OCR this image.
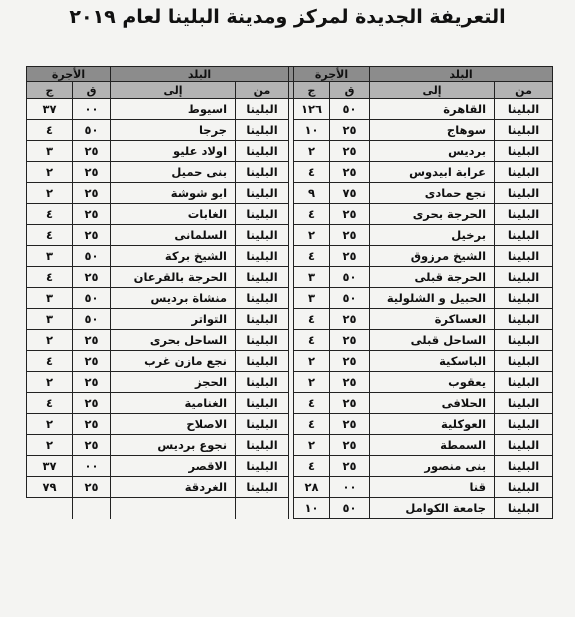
التعريفة الجديدة لمركز ومدينة البلينا لعام ٢٠١٩
البلد		الأجرة			البلد		الأجرة	
من	إلى	ق	ج		من	إلى	ق	ج
البلينا	القاهرة	٥٠	١٢٦		البلينا	اسيوط	٠٠	٣٧
البلينا	سوهاج	٢٥	١٠		البلينا	جرجا	٥٠	٤
البلينا	برديس	٢٥	٢		البلينا	اولاد عليو	٢٥	٣
البلينا	عرابة ابيدوس	٢٥	٤		البلينا	بنى حميل	٢٥	٢
البلينا	نجع حمادى	٧٥	٩		البلينا	ابو شوشة	٢٥	٢
البلينا	الحرجة بحرى	٢٥	٤		البلينا	الغابات	٢٥	٤
البلينا	برخيل	٢٥	٢		البلينا	السلمانى	٢٥	٤
البلينا	الشيخ مرزوق	٢٥	٤		البلينا	الشيخ بركة	٥٠	٣
البلينا	الحرجة قبلى	٥٠	٣		البلينا	الحرجة بالقرعان	٢٥	٤
البلينا	الحبيل و الشلولية	٥٠	٣		البلينا	منشاة برديس	٥٠	٣
البلينا	العساكرة	٢٥	٤		البلينا	التواتر	٥٠	٣
البلينا	الساحل قبلى	٢٥	٤		البلينا	الساحل بحرى	٢٥	٢
البلينا	الباسكية	٢٥	٢		البلينا	نجع مازن غرب	٢٥	٤
البلينا	يعقوب	٢٥	٢		البلينا	الحجز	٢٥	٢
البلينا	الحلافى	٢٥	٤		البلينا	الغنامية	٢٥	٤
البلينا	العوكلية	٢٥	٤		البلينا	الاصلاح	٢٥	٢
البلينا	السمطة	٢٥	٢		البلينا	نجوع برديس	٢٥	٢
البلينا	بنى منصور	٢٥	٤		البلينا	الاقصر	٠٠	٣٧
البلينا	قنا	٠٠	٢٨		البلينا	الغردقة	٢٥	٧٩
البلينا	جامعة الكوامل	٥٠	١٠					
